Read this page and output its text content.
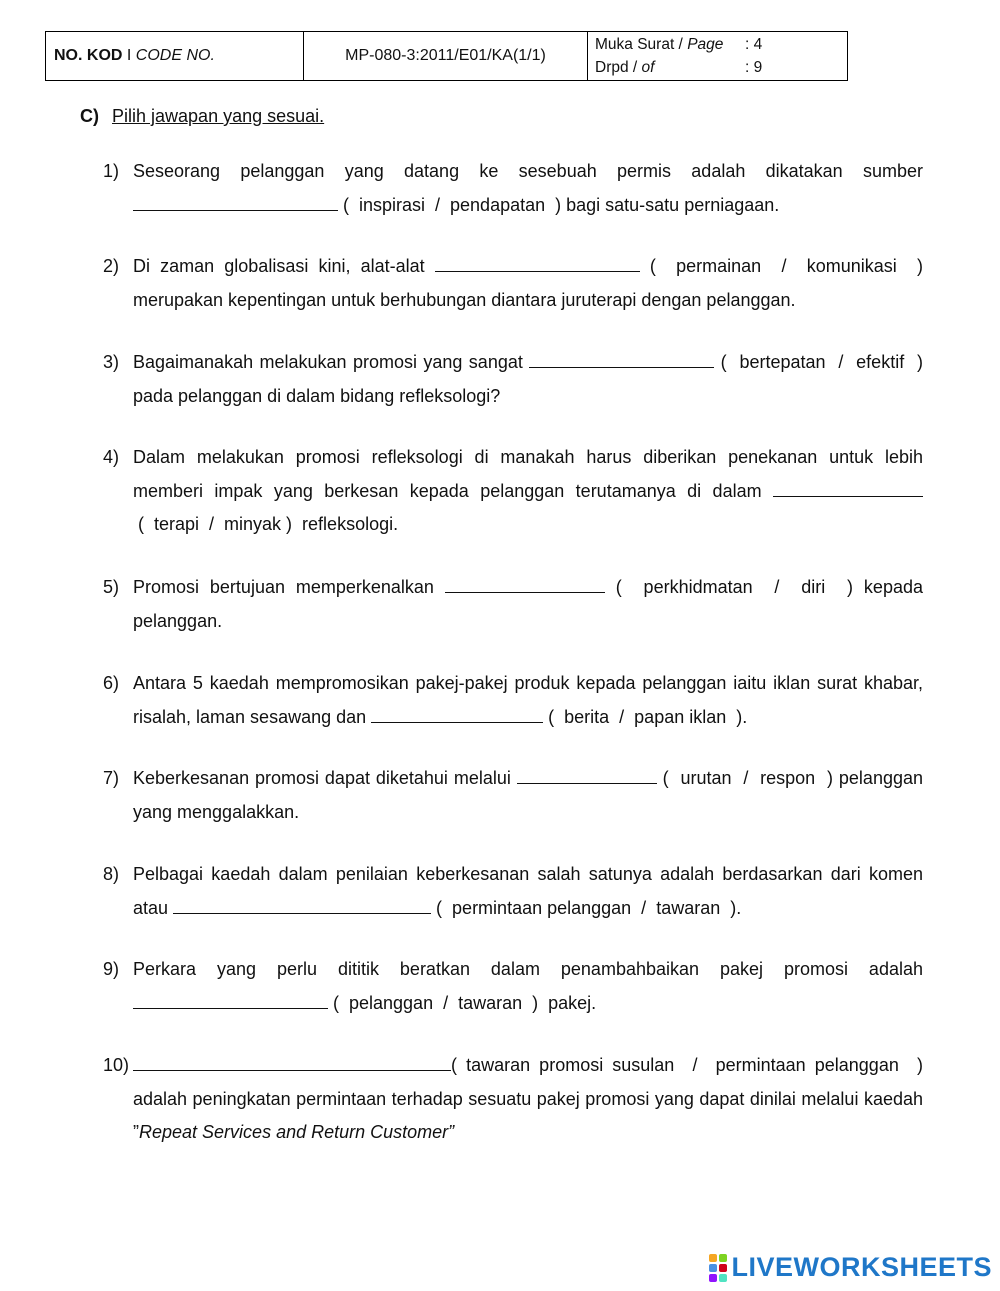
NO. KOD I CODE NO.	MP-080-3:2011/E01/KA(1/1)
Muka Surat / Page	: 4
Drpd / of	: 9
C) Pilih jawapan yang sesuai.
1) Seseorang pelanggan yang datang ke sesebuah permis adalah dikatakan sumber  (  inspirasi  /  pendapatan  ) bagi satu-satu perniagaan.
2) Di zaman globalisasi kini, alat-alat	(  permainan  /  komunikasi  ) merupakan kepentingan untuk berhubungan diantara juruterapi dengan pelanggan.
3) Bagaimanakah melakukan promosi yang sangat	(  bertepatan  /  efektif  ) pada pelanggan di dalam bidang refleksologi?
4) Dalam melakukan promosi refleksologi di manakah harus diberikan penekanan untuk lebih memberi impak yang berkesan kepada pelanggan terutamanya di dalam  (  terapi  /  minyak )  refleksologi.
5) Promosi bertujuan memperkenalkan	(  perkhidmatan  /  diri  ) kepada pelanggan.
6) Antara 5 kaedah mempromosikan pakej-pakej produk kepada pelanggan iaitu iklan surat khabar, risalah, laman sesawang dan	(  berita  /  papan iklan  ).
7) Keberkesanan promosi dapat diketahui melalui	(  urutan  /  respon  ) pelanggan yang menggalakkan.
8) Pelbagai kaedah dalam penilaian keberkesanan salah satunya adalah berdasarkan dari komen atau	(  permintaan pelanggan  /  tawaran  ).
9) Perkara yang perlu dititik beratkan dalam penambahbaikan pakej promosi adalah  (  pelanggan  /  tawaran  )  pakej.
10)	( tawaran promosi susulan  /  permintaan pelanggan  ) adalah peningkatan permintaan terhadap sesuatu pakej promosi yang dapat dinilai melalui kaedah ”Repeat Services and Return Customer”
LIVEWORKSHEETS
